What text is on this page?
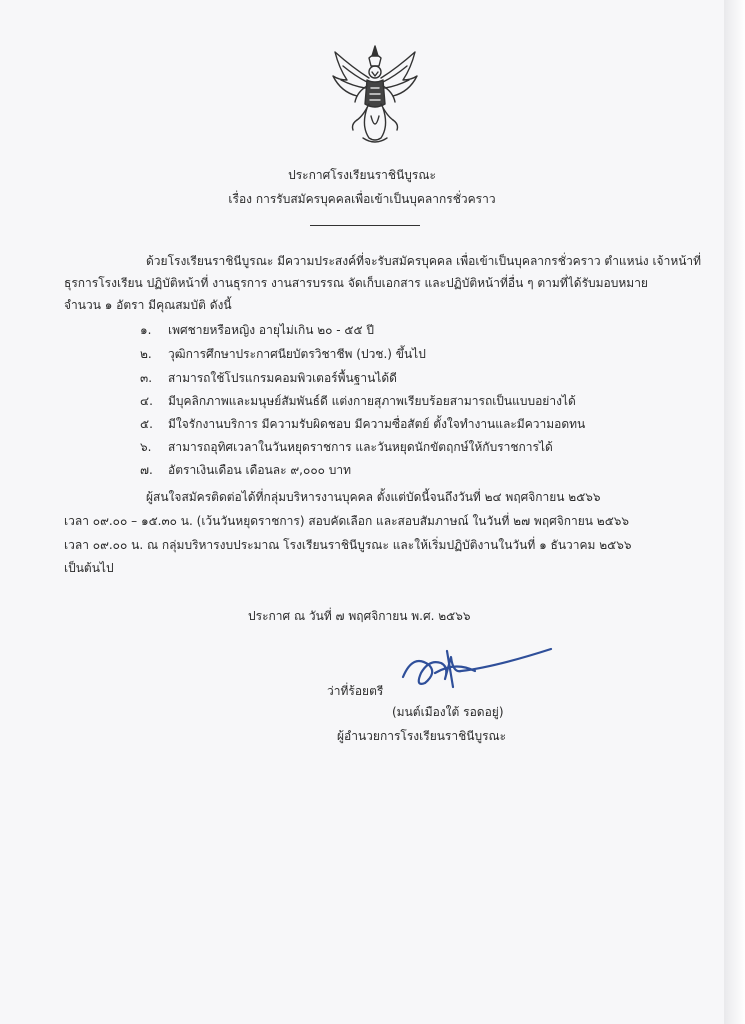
ประกาศโรงเรียนราชินีบูรณะ
เรื่อง การรับสมัครบุคคลเพื่อเข้าเป็นบุคลากรชั่วคราว
ด้วยโรงเรียนราชินีบูรณะ มีความประสงค์ที่จะรับสมัครบุคคล เพื่อเข้าเป็นบุคลากรชั่วคราว ตำแหน่ง เจ้าหน้าที่
ธุรการโรงเรียน ปฏิบัติหน้าที่ งานธุรการ งานสารบรรณ จัดเก็บเอกสาร และปฏิบัติหน้าที่อื่น ๆ ตามที่ได้รับมอบหมาย
จำนวน ๑ อัตรา มีคุณสมบัติ ดังนี้
๑. เพศชายหรือหญิง อายุไม่เกิน ๒๐ - ๕๕ ปี
๒. วุฒิการศึกษาประกาศนียบัตรวิชาชีพ (ปวช.) ขึ้นไป
๓. สามารถใช้โปรแกรมคอมพิวเตอร์พื้นฐานได้ดี
๔. มีบุคลิกภาพและมนุษย์สัมพันธ์ดี แต่งกายสุภาพเรียบร้อยสามารถเป็นแบบอย่างได้
๕. มีใจรักงานบริการ มีความรับผิดชอบ มีความซื่อสัตย์ ตั้งใจทำงานและมีความอดทน
๖. สามารถอุทิศเวลาในวันหยุดราชการ และวันหยุดนักขัตฤกษ์ให้กับราชการได้
๗. อัตราเงินเดือน เดือนละ ๙,๐๐๐ บาท
ผู้สนใจสมัครติดต่อได้ที่กลุ่มบริหารงานบุคคล ตั้งแต่บัดนี้จนถึงวันที่ ๒๔ พฤศจิกายน ๒๕๖๖
เวลา ๐๙.๐๐ – ๑๕.๓๐ น. (เว้นวันหยุดราชการ) สอบคัดเลือก และสอบสัมภาษณ์ ในวันที่ ๒๗ พฤศจิกายน ๒๕๖๖
เวลา ๐๙.๐๐ น. ณ กลุ่มบริหารงบประมาณ โรงเรียนราชินีบูรณะ และให้เริ่มปฏิบัติงานในวันที่ ๑ ธันวาคม ๒๕๖๖
เป็นต้นไป
ประกาศ ณ วันที่ ๗ พฤศจิกายน พ.ศ. ๒๕๖๖
ว่าที่ร้อยตรี
(มนต์เมืองใต้ รอดอยู่)
ผู้อำนวยการโรงเรียนราชินีบูรณะ
